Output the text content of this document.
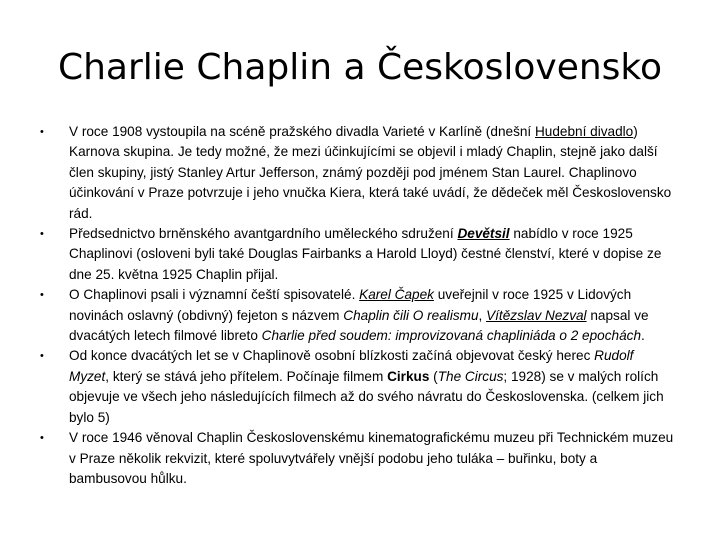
Charlie Chaplin a Československo
• V roce 1908 vystoupila na scéně pražského divadla Varieté v Karlíně (dnešní Hudební divadlo) Karnova skupina. Je tedy možné, že mezi účinkujícími se objevil i mladý Chaplin, stejně jako další člen skupiny, jistý Stanley Artur Jefferson, známý později pod jménem Stan Laurel. Chaplinovo účinkování v Praze potvrzuje i jeho vnučka Kiera, která také uvádí, že dědeček měl Československo rád.
• Předsednictvo brněnského avantgardního uměleckého sdružení Devětsil nabídlo v roce 1925 Chaplinovi (osloveni byli také Douglas Fairbanks a Harold Lloyd) čestné členství, které v dopise ze dne 25. května 1925 Chaplin přijal.
• O Chaplinovi psali i významní čeští spisovatelé. Karel Čapek uveřejnil v roce 1925 v Lidových novinách oslavný (obdivný) fejeton s názvem Chaplin čili O realismu, Vítězslav Nezval napsal ve dvacátých letech filmové libreto Charlie před soudem: improvizovaná chapliniáda o 2 epochách.
• Od konce dvacátých let se v Chaplinově osobní blízkosti začíná objevovat český herec Rudolf Myzet, který se stává jeho přítelem. Počínaje filmem Cirkus (The Circus; 1928) se v malých rolích objevuje ve všech jeho následujících filmech až do svého návratu do Československa. (celkem jich bylo 5)
• V roce 1946 věnoval Chaplin Československému kinematografickému muzeu při Technickém muzeu v Praze několik rekvizit, které spoluvytvářely vnější podobu jeho tuláka – buřinku, boty a bambusovou hůlku.
